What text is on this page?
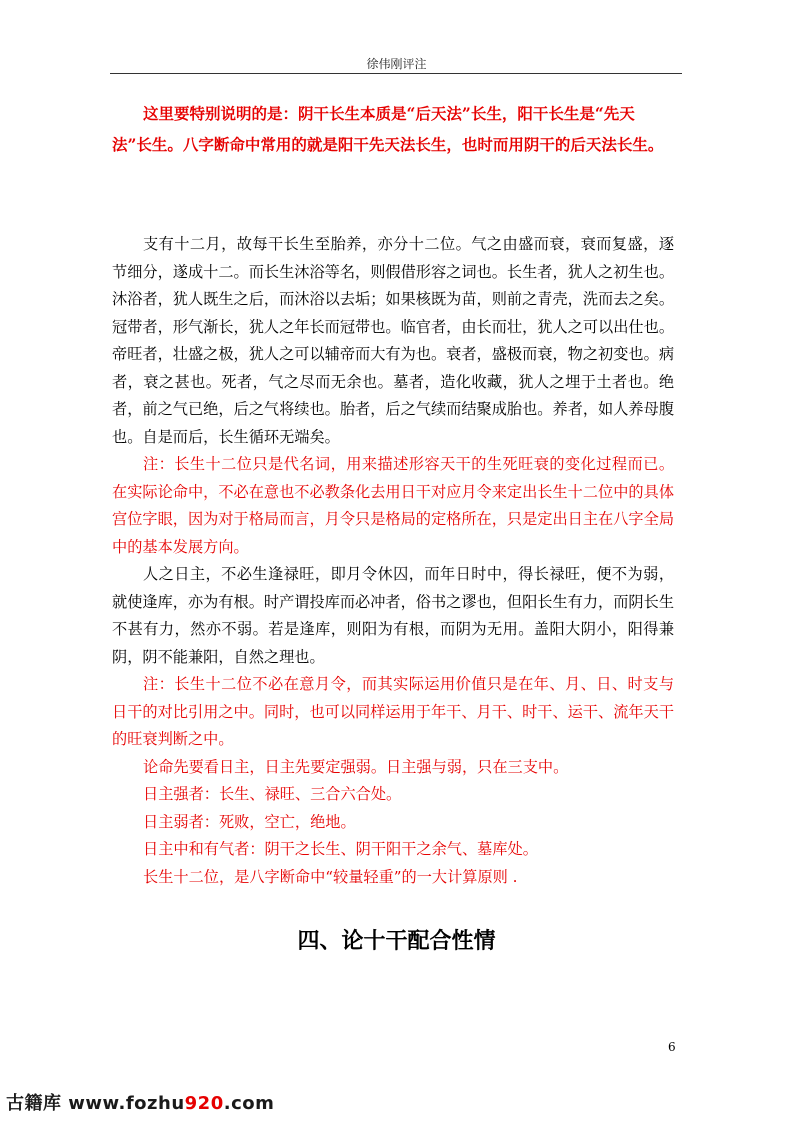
徐伟刚评注

这里要特别说明的是：阴干长生本质是“后天法”长生，阳干长生是“先天

法”长生。八字断命中常用的就是阳干先天法长生，也时而用阴干的后天法长生。

支有十二月，故每干长生至胎养，亦分十二位。气之由盛而衰，衰而复盛，逐节细分，遂成十二。而长生沐浴等名，则假借形容之词也。长生者，犹人之初生也。沐浴者，犹人既生之后，而沐浴以去垢；如果核既为苗，则前之青壳，洗而去之矣。冠带者，形气渐长，犹人之年长而冠带也。临官者，由长而壮，犹人之可以出仕也。帝旺者，壮盛之极，犹人之可以辅帝而大有为也。衰者，盛极而衰，物之初变也。病者，衰之甚也。死者，气之尽而无余也。墓者，造化收藏，犹人之埋于土者也。绝者，前之气已绝，后之气将续也。胎者，后之气续而结聚成胎也。养者，如人养母腹也。自是而后，长生循环无端矣。

注：长生十二位只是代名词，用来描述形容天干的生死旺衰的变化过程而已。在实际论命中，不必在意也不必教条化去用日干对应月令来定出长生十二位中的具体宫位字眼，因为对于格局而言，月令只是格局的定格所在，只是定出日主在八字全局中的基本发展方向。

人之日主，不必生逢禄旺，即月令休囚，而年日时中，得长禄旺，便不为弱，就使逢库，亦为有根。时产谓投库而必冲者，俗书之谬也，但阳长生有力，而阴长生不甚有力，然亦不弱。若是逢库，则阳为有根，而阴为无用。盖阳大阴小，阳得兼阴，阴不能兼阳，自然之理也。

注：长生十二位不必在意月令，而其实际运用价值只是在年、月、日、时支与日干的对比引用之中。同时，也可以同样运用于年干、月干、时干、运干、流年天干的旺衰判断之中。

论命先要看日主，日主先要定强弱。日主强与弱，只在三支中。

日主强者：长生、禄旺、三合六合处。

日主弱者：死败，空亡，绝地。

日主中和有气者：阴干之长生、阴干阳干之余气、墓库处。

长生十二位，是八字断命中“较量轻重”的一大计算原则 .

四、论十干配合性情
6
古籍库 www.fozhu920.com
